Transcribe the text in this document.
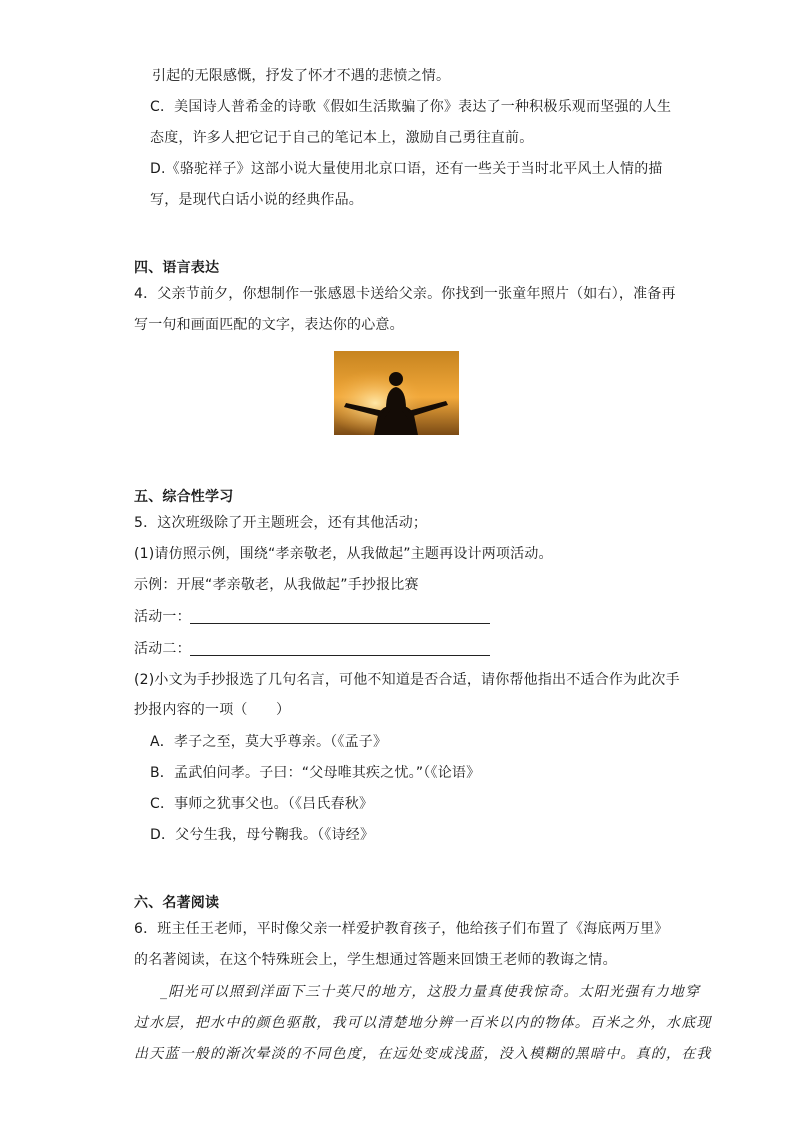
引起的无限感慨，抒发了怀才不遇的悲愤之情。
C．美国诗人普希金的诗歌《假如生活欺骗了你》表达了一种积极乐观而坚强的人生
态度，许多人把它记于自己的笔记本上，激励自己勇往直前。
D.《骆驼祥子》这部小说大量使用北京口语，还有一些关于当时北平风土人情的描
写，是现代白话小说的经典作品。
四、语言表达
4．父亲节前夕，你想制作一张感恩卡送给父亲。你找到一张童年照片（如右），准备再
写一句和画面匹配的文字，表达你的心意。
五、综合性学习
5．这次班级除了开主题班会，还有其他活动；
(1)请仿照示例，围绕“孝亲敬老，从我做起”主题再设计两项活动。
示例：开展“孝亲敬老，从我做起”手抄报比赛
活动一：
活动二：
(2)小文为手抄报选了几句名言，可他不知道是否合适，请你帮他指出不适合作为此次手
抄报内容的一项（　　）
A．孝子之至，莫大乎尊亲。（《孟子》
B．孟武伯问孝。子曰：“父母唯其疾之忧。”（《论语》
C．事师之犹事父也。（《吕氏春秋》
D．父兮生我，母兮鞠我。（《诗经》
六、名著阅读
6．班主任王老师，平时像父亲一样爱护教育孩子，他给孩子们布置了《海底两万里》
的名著阅读，在这个特殊班会上，学生想通过答题来回馈王老师的教诲之情。
_阳光可以照到洋面下三十英尺的地方，这股力量真使我惊奇。太阳光强有力地穿
过水层，把水中的颜色驱散，我可以清楚地分辨一百米以内的物体。百米之外，水底现
出天蓝一般的渐次晕淡的不同色度，在远处变成浅蓝，没入模糊的黑暗中。真的，在我
